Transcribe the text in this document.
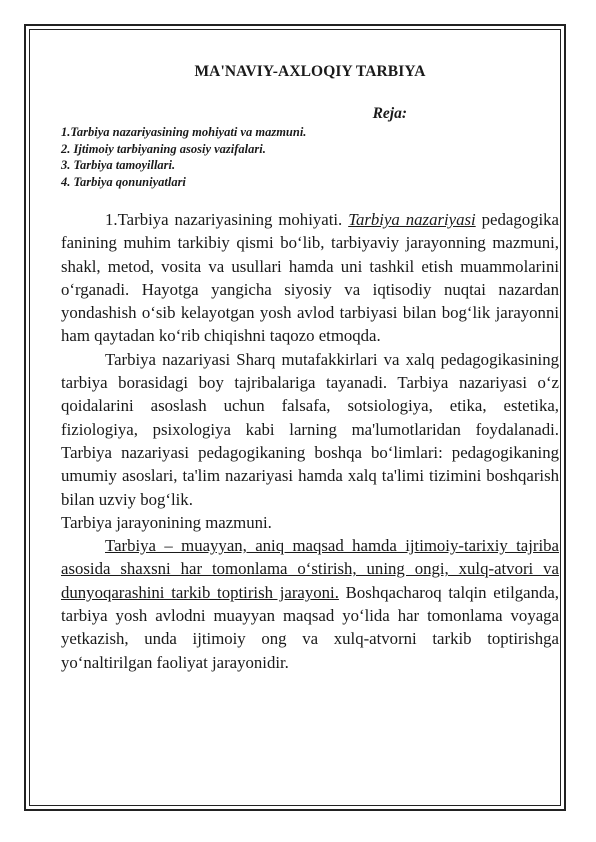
MA'NAVIY-AXLOQIY TARBIYA
Reja:
1.Tarbiya nazariyasining mohiyati va mazmuni.
2. Ijtimoiy tarbiyaning asosiy vazifalari.
3. Tarbiya tamoyillari.
4. Tarbiya qonuniyatlari

1.Tarbiya nazariyasining mohiyati. Tarbiya nazariyasi pedagogika fanining muhim tarkibiy qismi bo‘lib, tarbiyaviy jarayonning mazmuni, shakl, metod, vosita va usullari hamda uni tashkil etish muammolarini o‘rganadi. Hayotga yangicha siyosiy va iqtisodiy nuqtai nazardan yondashish o‘sib kelayotgan yosh avlod tarbiyasi bilan bog‘lik jarayonni ham qaytadan ko‘rib chiqishni taqozo etmoqda.

Tarbiya nazariyasi Sharq mutafakkirlari va xalq pedagogikasining tarbiya borasidagi boy tajribalariga tayanadi. Tarbiya nazariyasi o‘z qoidalarini asoslash uchun falsafa, sotsiologiya, etika, estetika, fiziologiya, psixologiya kabi larning ma'lumotlaridan foydalanadi. Tarbiya nazariyasi pedagogikaning boshqa bo‘limlari: pedagogikaning umumiy asoslari, ta'lim nazariyasi hamda xalq ta'limi tizimini boshqarish bilan uzviy bog‘lik.

Tarbiya jarayonining mazmuni.

Tarbiya – muayyan, aniq maqsad hamda ijtimoiy-tarixiy tajriba asosida shaxsni har tomonlama o‘stirish, uning ongi, xulq-atvori va dunyoqarashini tarkib toptirish jarayoni. Boshqacharoq talqin etilganda, tarbiya yosh avlodni muayyan maqsad yo‘lida har tomonlama voyaga yetkazish, unda ijtimoiy ong va xulq-atvorni tarkib toptirishga yo‘naltirilgan faoliyat jarayonidir.
